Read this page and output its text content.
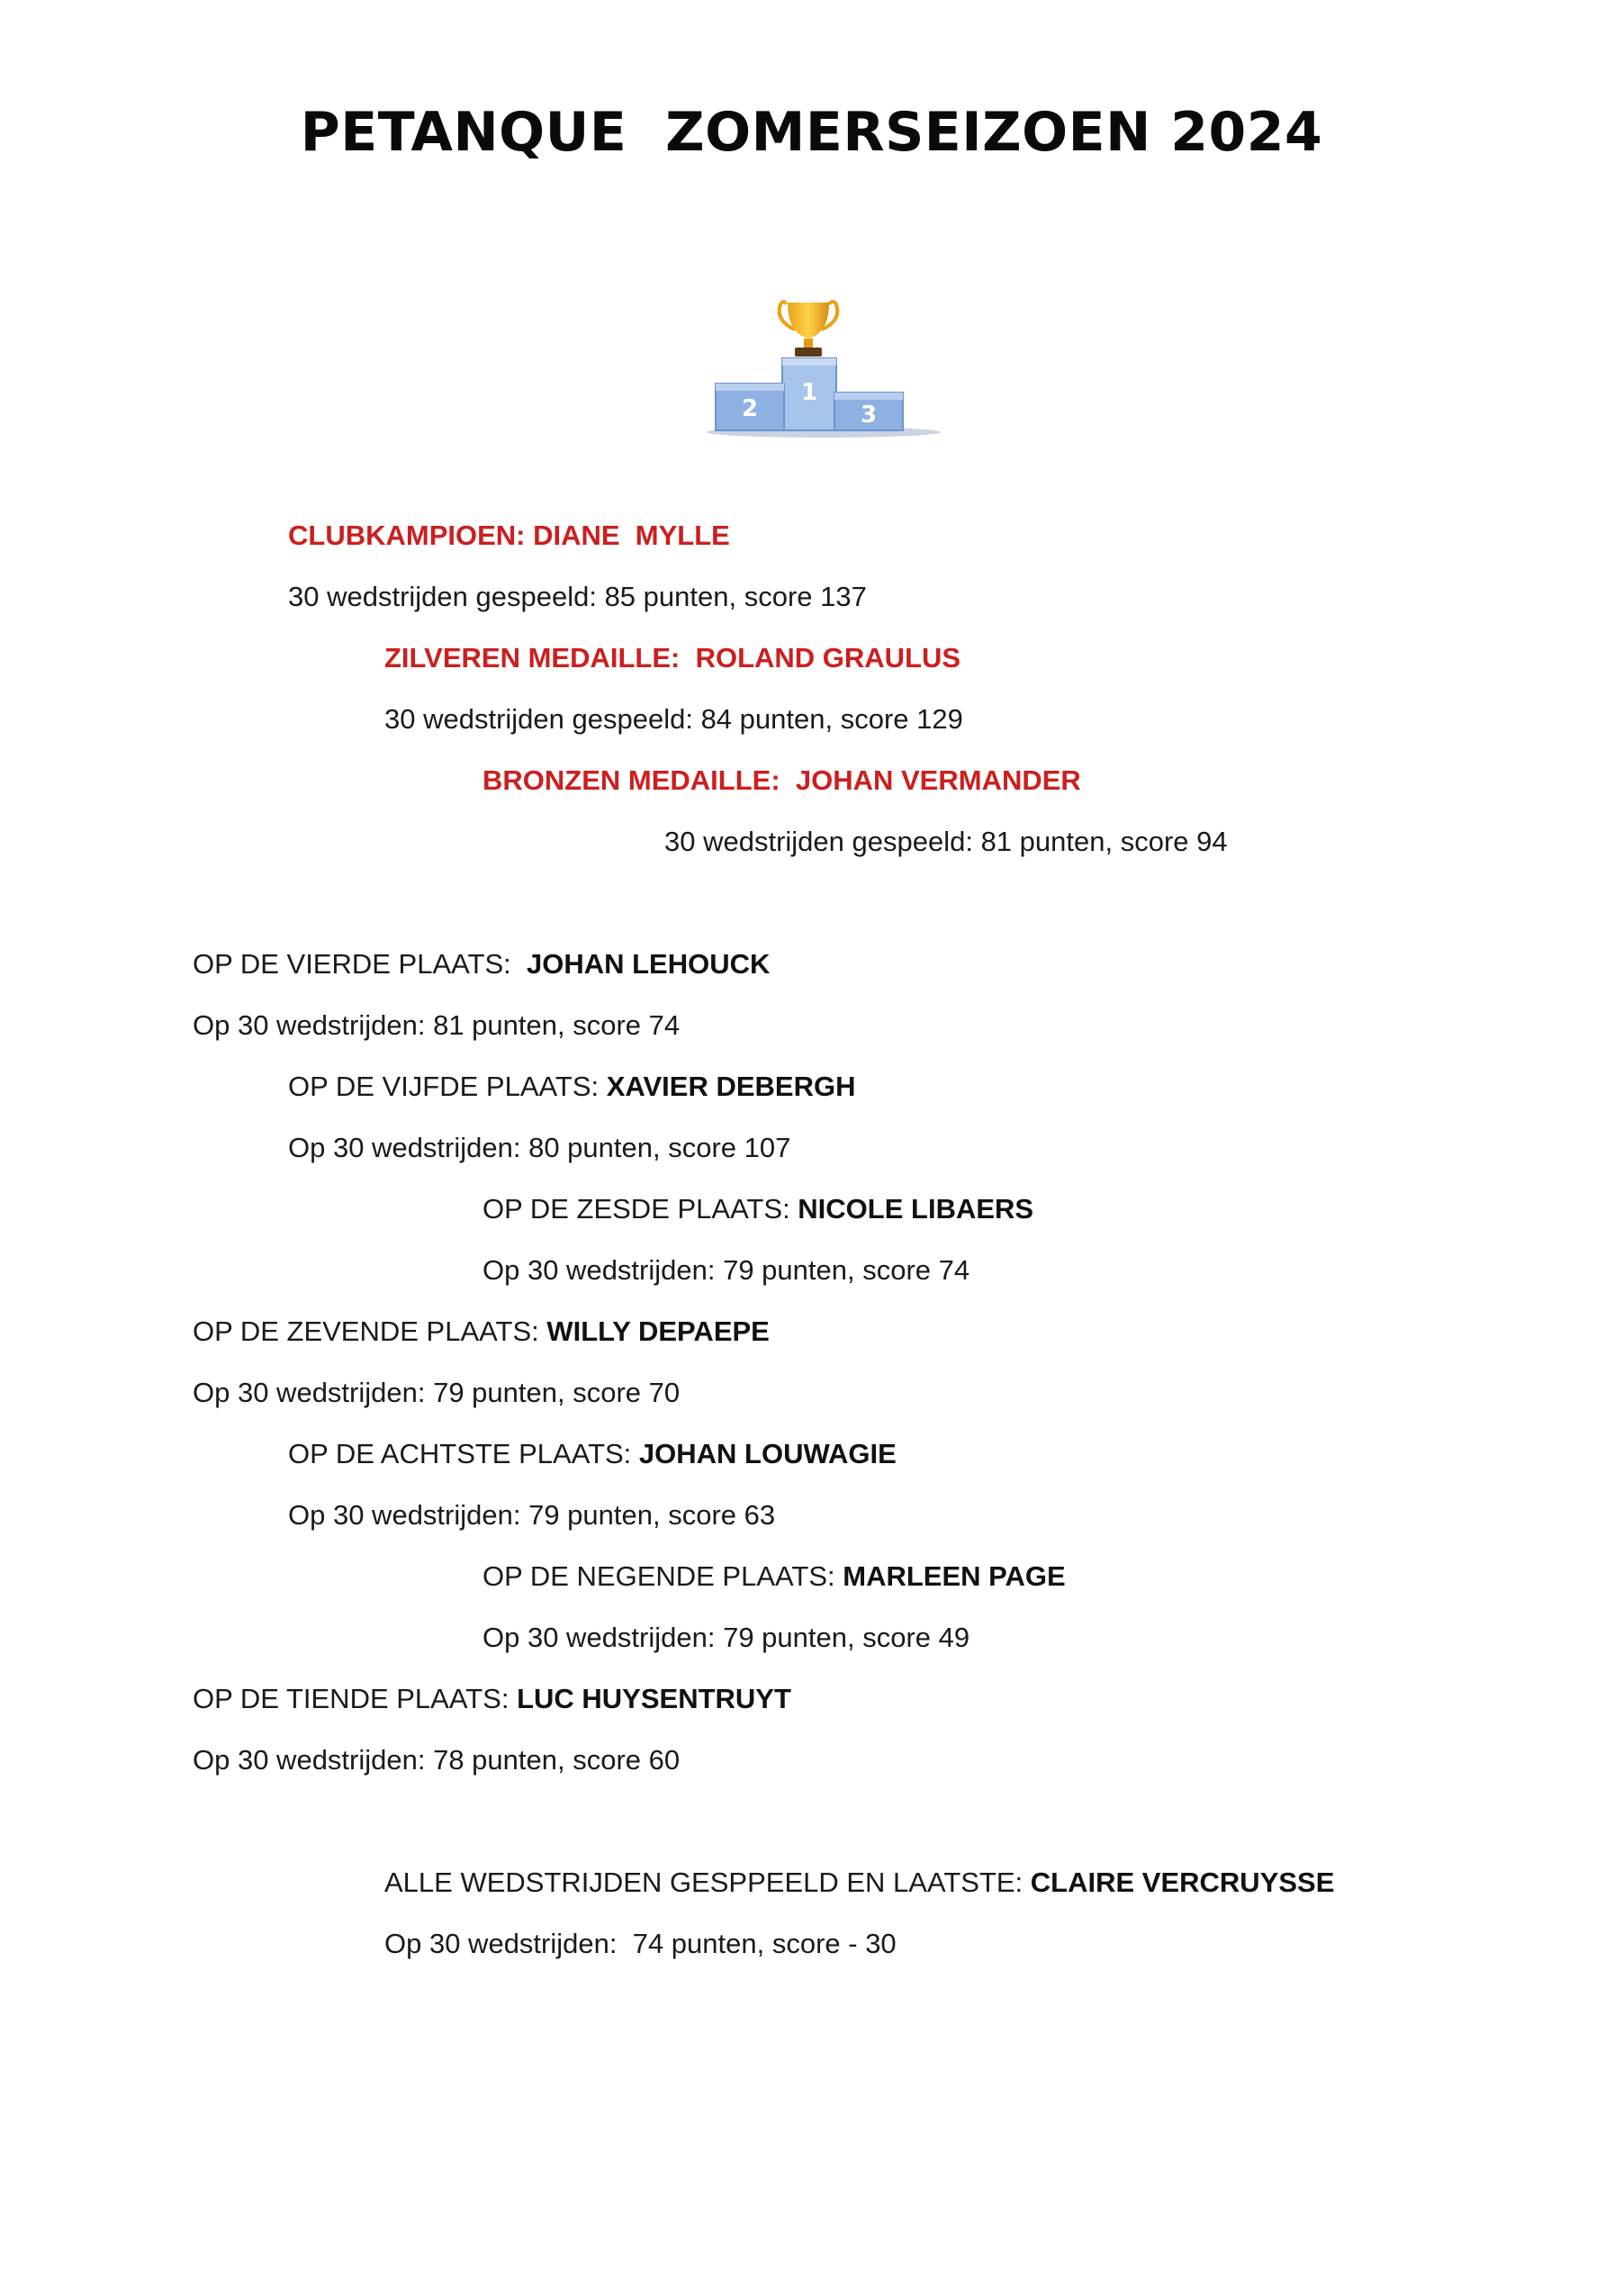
PETANQUE  ZOMERSEIZOEN 2024
1
2	3
CLUBKAMPIOEN: DIANE  MYLLE
30 wedstrijden gespeeld: 85 punten, score 137
ZILVEREN MEDAILLE:  ROLAND GRAULUS
30 wedstrijden gespeeld: 84 punten, score 129
BRONZEN MEDAILLE:  JOHAN VERMANDER
30 wedstrijden gespeeld: 81 punten, score 94
OP DE VIERDE PLAATS:  JOHAN LEHOUCK
Op 30 wedstrijden: 81 punten, score 74
OP DE VIJFDE PLAATS: XAVIER DEBERGH
Op 30 wedstrijden: 80 punten, score 107
OP DE ZESDE PLAATS: NICOLE LIBAERS
Op 30 wedstrijden: 79 punten, score 74
OP DE ZEVENDE PLAATS: WILLY DEPAEPE
Op 30 wedstrijden: 79 punten, score 70
OP DE ACHTSTE PLAATS: JOHAN LOUWAGIE
Op 30 wedstrijden: 79 punten, score 63
OP DE NEGENDE PLAATS: MARLEEN PAGE
Op 30 wedstrijden: 79 punten, score 49
OP DE TIENDE PLAATS: LUC HUYSENTRUYT
Op 30 wedstrijden: 78 punten, score 60
ALLE WEDSTRIJDEN GESPPEELD EN LAATSTE: CLAIRE VERCRUYSSE
Op 30 wedstrijden:  74 punten, score - 30
